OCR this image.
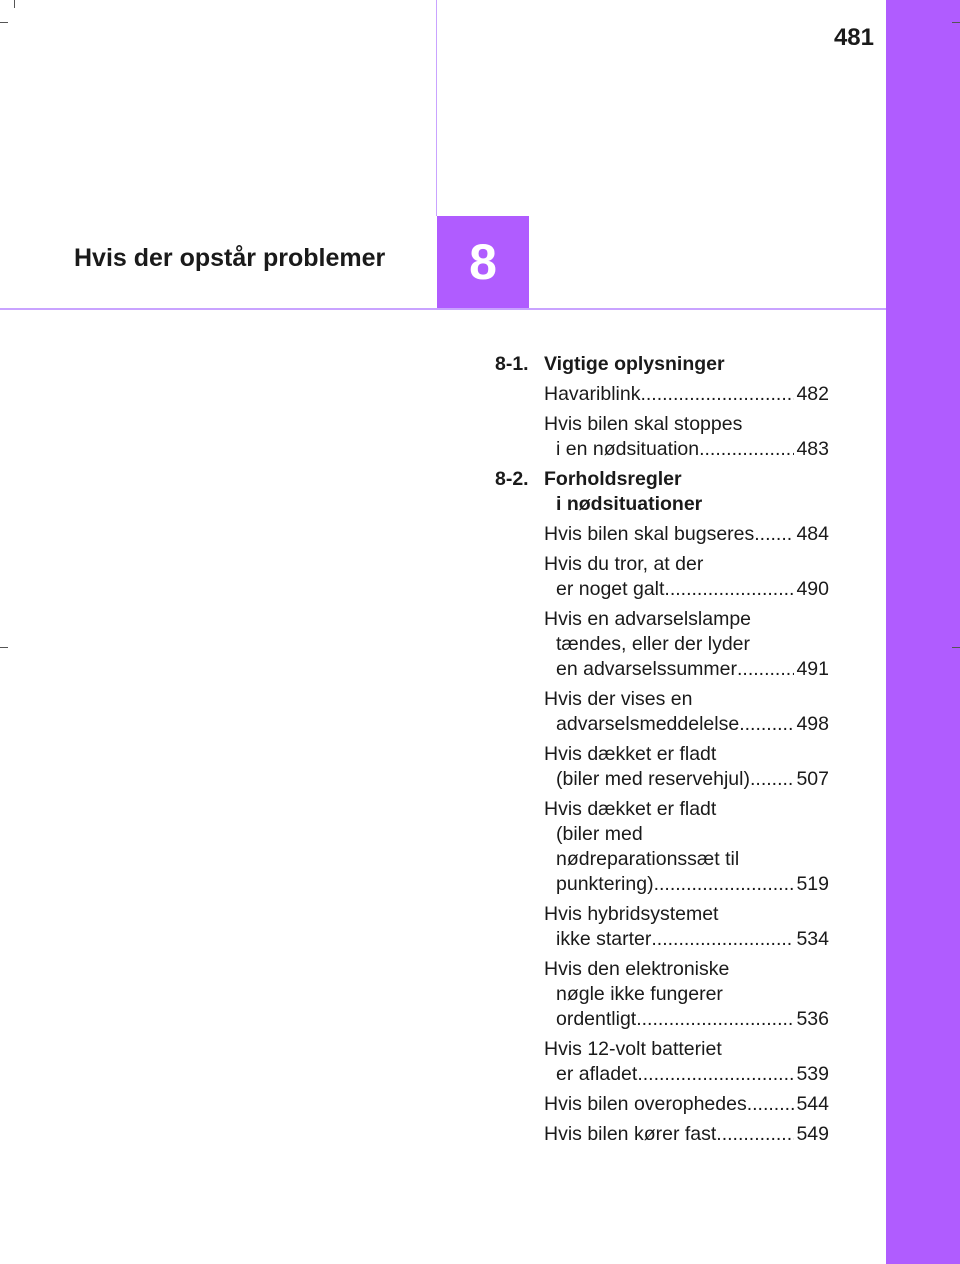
481
Hvis der opstår problemer 8
8-1. Vigtige oplysninger
Havariblink .....	482
Hvis bilen skal stoppes
i en nødsituation .....	483
8-2. Forholdsregler
i nødsituationer
Hvis bilen skal bugseres ..... 484
Hvis du tror, at der
er noget galt .....	490
Hvis en advarselslampe
tændes, eller der lyder
en advarselssummer .....	491
Hvis der vises en
advarselsmeddelelse .....	498
Hvis dækket er fladt
(biler med reservehjul) ..... 507
Hvis dækket er fladt
(biler med
nødreparationssæt til
punktering) .....	519
Hvis hybridsystemet
ikke starter .....	534
Hvis den elektroniske
nøgle ikke fungerer
ordentligt .....	536
Hvis 12-volt batteriet
er afladet .....	539
Hvis bilen overophedes .....	544
Hvis bilen kører fast .....	549
